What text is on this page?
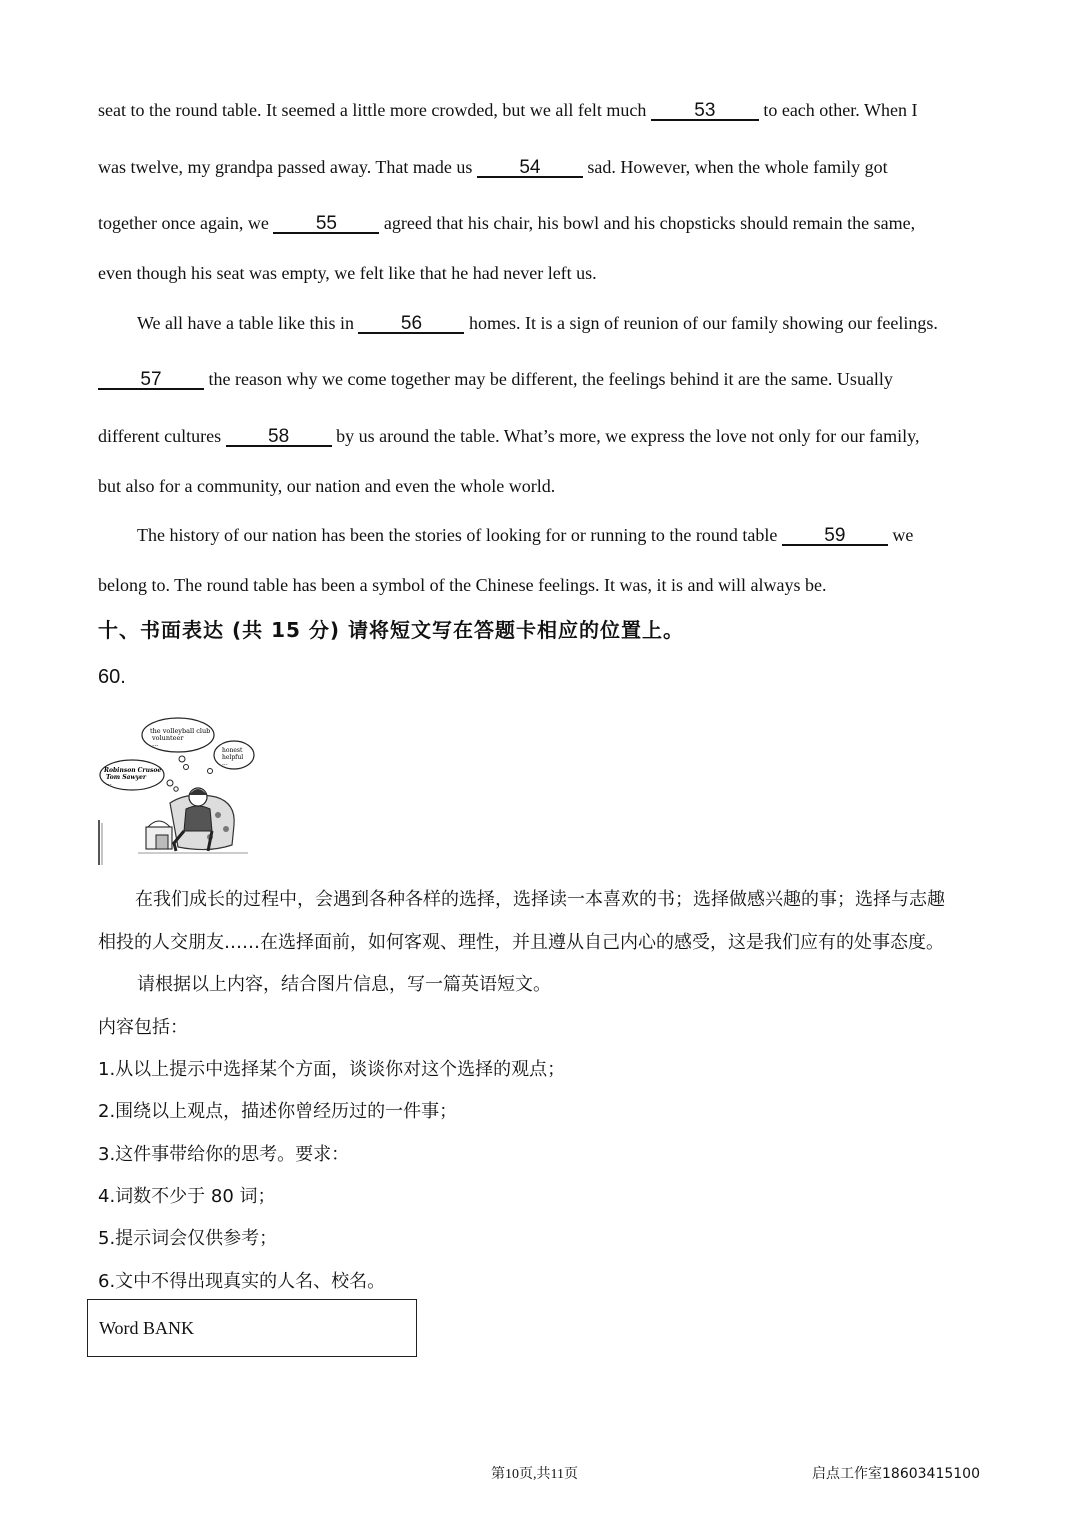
seat to the round table. It seemed a little more crowded, but we all felt much	53	to each other. When I
was twelve, my grandpa passed away. That made us 54	sad. However, when the whole family got
together once again, we 55	agreed that his chair, his bowl and his chopsticks should remain the same,
even though his seat was empty, we felt like that he had never left us.
We all have a table like this in 56	homes. It is a sign of reunion of our family showing our feelings.
57	the reason why we come together may be different, the feelings behind it are the same. Usually
different cultures 58	by us around the table. What’s more, we express the love not only for our family,
but also for a community, our nation and even the whole world.
The history of our nation has been the stories of looking for or running to the round table 59	we
belong to. The round table has been a symbol of the Chinese feelings. It was, it is and will always be.
十、书面表达 (共 15 分) 请将短文写在答题卡相应的位置上。
60.
the volleyball club
volunteer
...
Robinson Crusoe
Tom Sawyer
...
honest
helpful
...
在我们成长的过程中，会遇到各种各样的选择，选择读一本喜欢的书；选择做感兴趣的事；选择与志趣
相投的人交朋友……在选择面前，如何客观、理性，并且遵从自己内心的感受，这是我们应有的处事态度。
请根据以上内容，结合图片信息，写一篇英语短文。
内容包括：
1.从以上提示中选择某个方面，谈谈你对这个选择的观点；
2.围绕以上观点，描述你曾经历过的一件事；
3.这件事带给你的思考。要求：
4.词数不少于 80 词；
5.提示词会仅供参考；
6.文中不得出现真实的人名、校名。
Word BANK
第10页,共11页	启点工作室18603415100
